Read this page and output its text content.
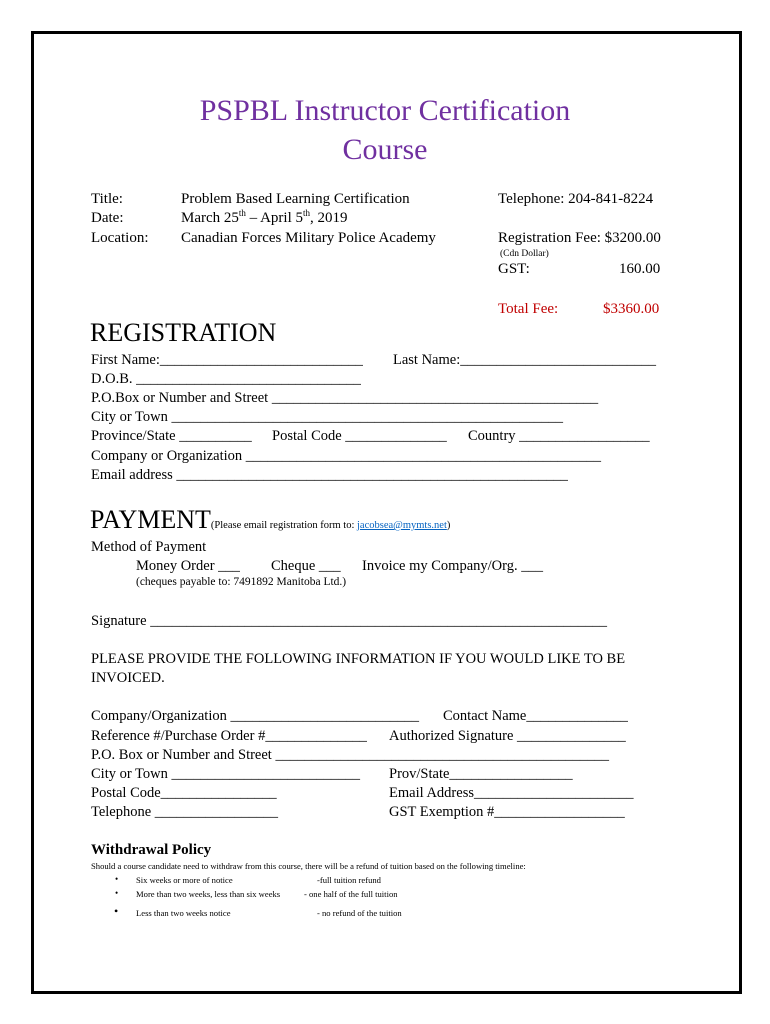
PSPBL Instructor Certification
Course
Title:	Problem Based Learning Certification
Date:	March 25th – April 5th, 2019
Location: Canadian Forces Military Police Academy
Telephone: 204-841-8224
Registration Fee: $3200.00
(Cdn Dollar)
GST:	160.00
Total Fee:	$3360.00
REGISTRATION
First Name:____________________________ Last Name:___________________________
D.O.B. _______________________________
P.O.Box or Number and Street _____________________________________________
City or Town ______________________________________________________
Province/State __________ Postal Code ______________ Country __________________
Company or Organization _________________________________________________
Email address ______________________________________________________
PAYMENT(Please email registration form to: jacobsea@mymts.net)
Method of Payment
Money Order ___ Cheque ___ Invoice my Company/Org. ___
(cheques payable to: 7491892 Manitoba Ltd.)
Signature _______________________________________________________________
PLEASE PROVIDE THE FOLLOWING INFORMATION IF YOU WOULD LIKE TO BE
INVOICED.
Company/Organization __________________________ Contact Name______________
Reference #/Purchase Order #______________ Authorized Signature _______________
P.O. Box or Number and Street ______________________________________________
City or Town __________________________ Prov/State_________________
Postal Code________________	Email Address______________________
Telephone _________________	GST Exemption #__________________
Withdrawal Policy
Should a course candidate need to withdraw from this course, there will be a refund of tuition based on the following timeline:
• Six weeks or more of notice	-full tuition refund
• More than two weeks, less than six weeks	- one half of the full tuition
• Less than two weeks notice	- no refund of the tuition
